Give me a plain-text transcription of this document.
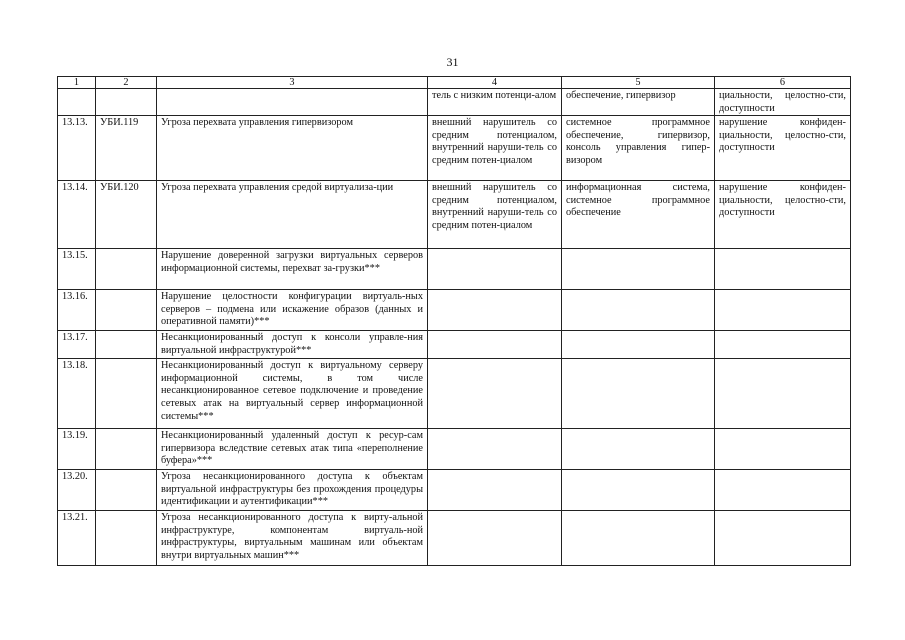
31
1	2	3	4	5	6
			тель с низким потенци-алом	обеспечение, гипервизор	циальности, целостно-сти, доступности
13.13.	УБИ.119	Угроза перехвата управления гипервизором	внешний нарушитель со средним потенциалом, внутренний наруши-тель со средним потен-циалом	системное программное обеспечение, гипервизор, консоль управления гипер-визором	нарушение конфиден-циальности, целостно-сти, доступности
13.14.	УБИ.120	Угроза перехвата управления средой виртуализа-ции	внешний нарушитель со средним потенциалом, внутренний наруши-тель со средним потен-циалом	информационная система, системное программное обеспечение	нарушение конфиден-циальности, целостно-сти, доступности
13.15.		Нарушение доверенной загрузки виртуальных серверов информационной системы, перехват за-грузки***			
13.16.		Нарушение целостности конфигурации виртуаль-ных серверов – подмена или искажение образов (данных и оперативной памяти)***			
13.17.		Несанкционированный доступ к консоли управле-ния виртуальной инфраструктурой***			
13.18.		Несанкционированный доступ к виртуальному серверу информационной системы, в том числе несанкционированное сетевое подключение и проведение сетевых атак на виртуальный сервер информационной системы***			
13.19.		Несанкционированный удаленный доступ к ресур-сам гипервизора вследствие сетевых атак типа «переполнение буфера»***			
13.20.		Угроза несанкционированного доступа к объектам виртуальной инфраструктуры без прохождения процедуры идентификации и аутентификации***			
13.21.		Угроза несанкционированного доступа к вирту-альной инфраструктуре, компонентам виртуаль-ной инфраструктуры, виртуальным машинам или объектам внутри виртуальных машин***			
